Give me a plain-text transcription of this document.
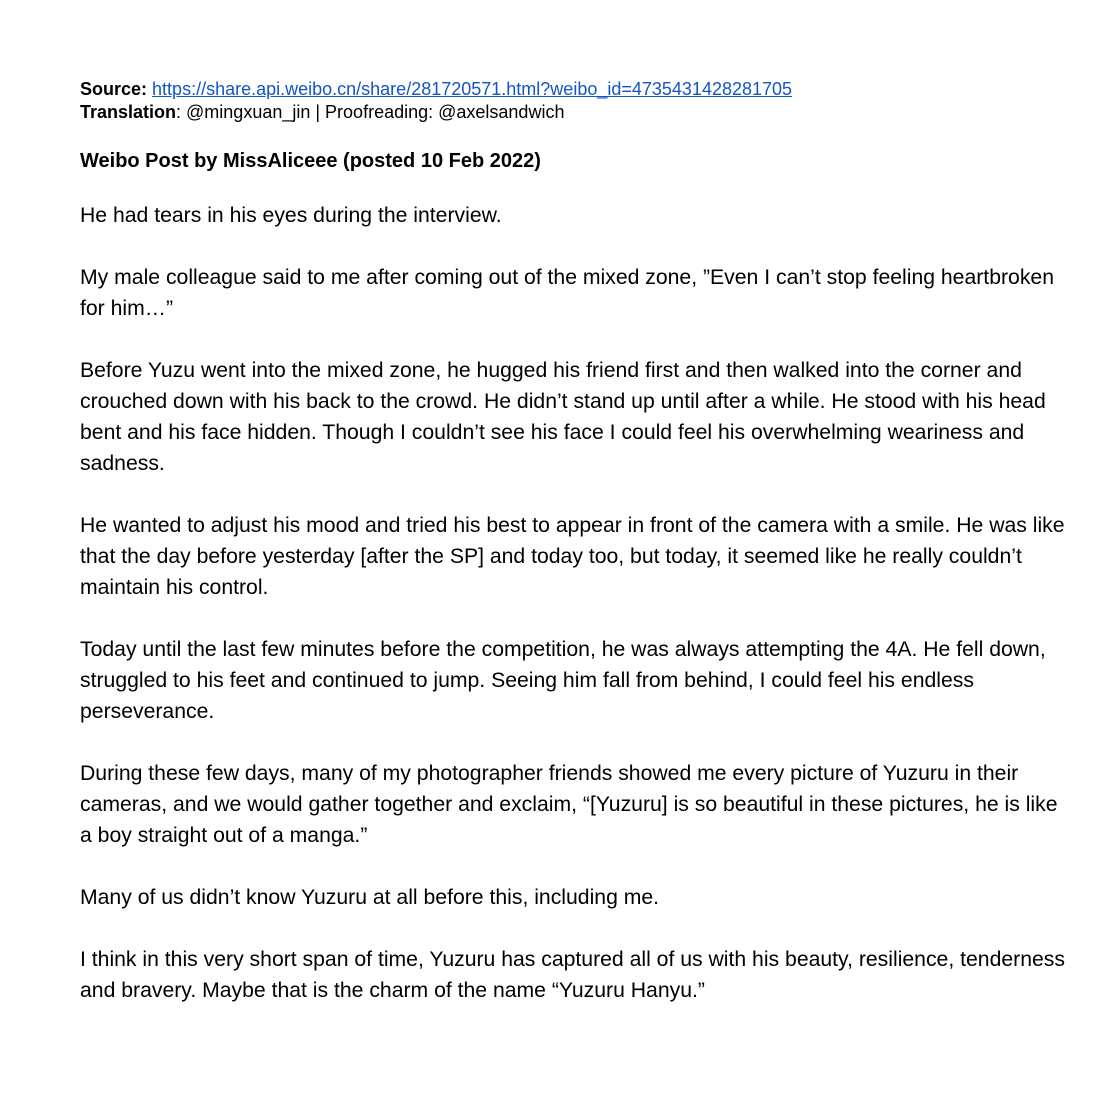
Source: https://share.api.weibo.cn/share/281720571.html?weibo_id=4735431428281705
Translation: @mingxuan_jin | Proofreading: @axelsandwich
Weibo Post by MissAliceee (posted 10 Feb 2022)

He had tears in his eyes during the interview.

My male colleague said to me after coming out of the mixed zone, ”Even I can’t stop feeling heartbroken for him…”

Before Yuzu went into the mixed zone, he hugged his friend first and then walked into the corner and crouched down with his back to the crowd. He didn’t stand up until after a while. He stood with his head bent and his face hidden. Though I couldn’t see his face I could feel his overwhelming weariness and sadness.

He wanted to adjust his mood and tried his best to appear in front of the camera with a smile. He was like that the day before yesterday [after the SP] and today too, but today, it seemed like he really couldn’t maintain his control.

Today until the last few minutes before the competition, he was always attempting the 4A. He fell down, struggled to his feet and continued to jump. Seeing him fall from behind, I could feel his endless perseverance.

During these few days, many of my photographer friends showed me every picture of Yuzuru in their cameras, and we would gather together and exclaim, “[Yuzuru] is so beautiful in these pictures, he is like a boy straight out of a manga.”

Many of us didn’t know Yuzuru at all before this, including me.

I think in this very short span of time, Yuzuru has captured all of us with his beauty, resilience, tenderness and bravery. Maybe that is the charm of the name “Yuzuru Hanyu.”
